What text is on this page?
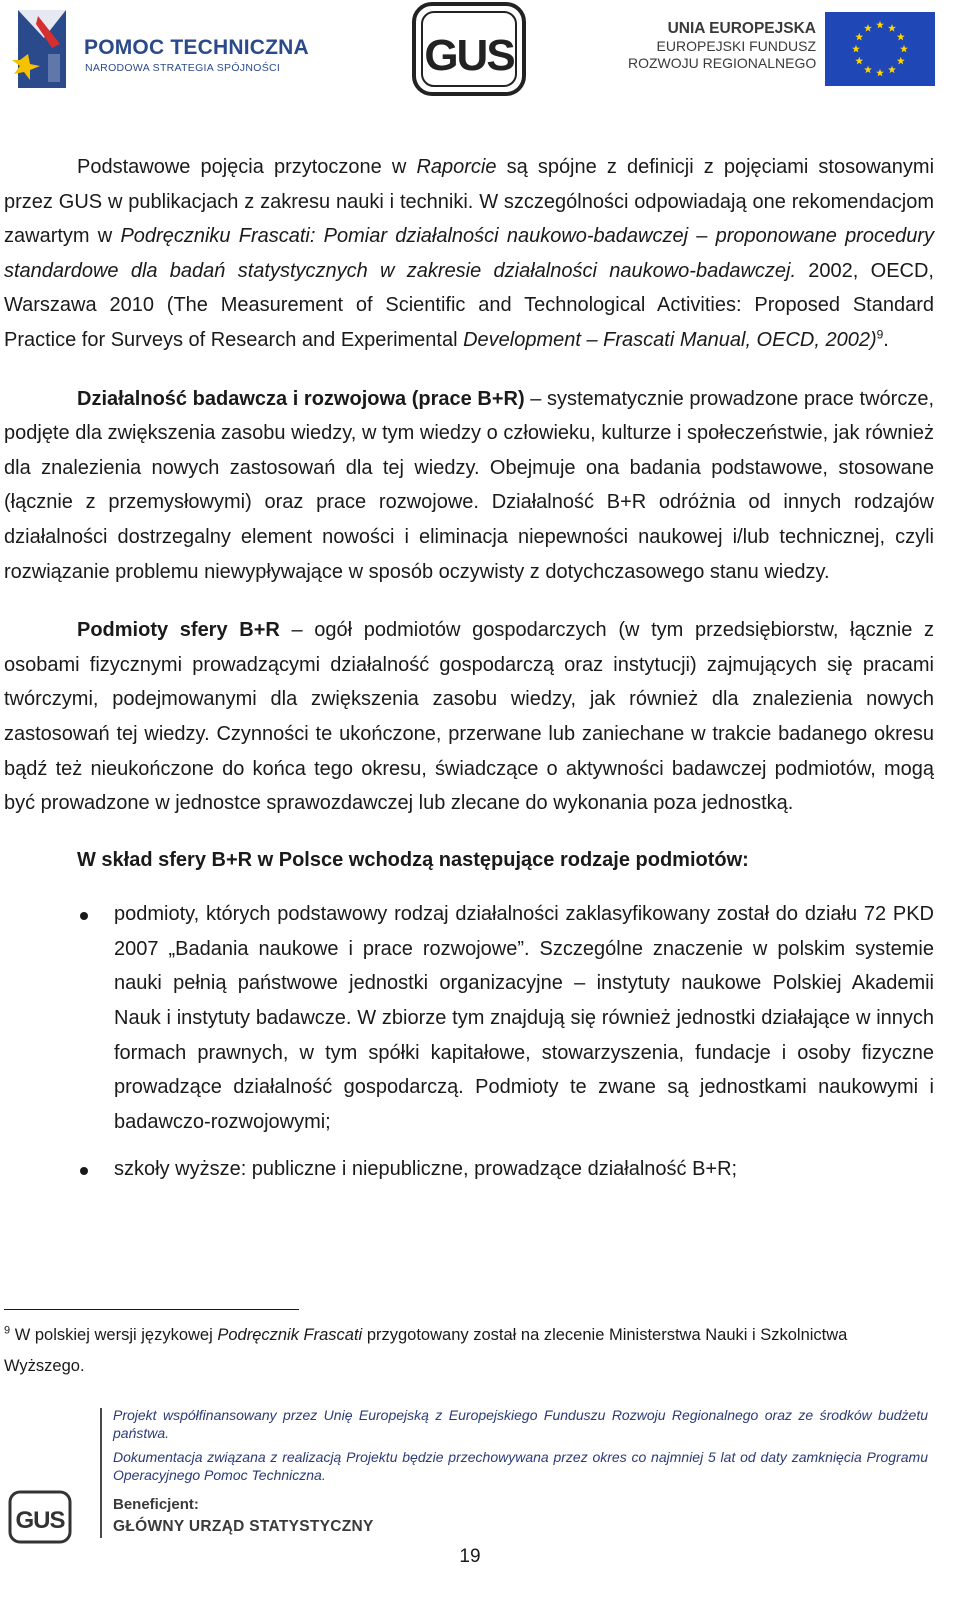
POMOC TECHNICZNA
NARODOWA STRATEGIA SPÓJNOŚCI	GUS
UNIA EUROPEJSKA
EUROPEJSKI FUNDUSZ
ROZWOJU REGIONALNEGO

Podstawowe pojęcia przytoczone w Raporcie są spójne z definicji z pojęciami stosowanymi przez GUS w publikacjach z zakresu nauki i techniki. W szczególności odpowiadają one rekomendacjom zawartym w Podręczniku Frascati: Pomiar działalności naukowo-badawczej – proponowane procedury standardowe dla badań statystycznych w zakresie działalności naukowo-badawczej. 2002, OECD, Warszawa 2010 (The Measurement of Scientific and Technological Activities: Proposed Standard Practice for Surveys of Research and Experimental Development – Frascati Manual, OECD, 2002)$^9$.

Działalność badawcza i rozwojowa (prace B+R) – systematycznie prowadzone prace twórcze, podjęte dla zwiększenia zasobu wiedzy, w tym wiedzy o człowieku, kulturze i społeczeństwie, jak również dla znalezienia nowych zastosowań dla tej wiedzy. Obejmuje ona badania podstawowe, stosowane (łącznie z przemysłowymi) oraz prace rozwojowe. Działalność B+R odróżnia od innych rodzajów działalności dostrzegalny element nowości i eliminacja niepewności naukowej i/lub technicznej, czyli rozwiązanie problemu niewypływające w sposób oczywisty z dotychczasowego stanu wiedzy.

Podmioty sfery B+R – ogół podmiotów gospodarczych (w tym przedsiębiorstw, łącznie z osobami fizycznymi prowadzącymi działalność gospodarczą oraz instytucji) zajmujących się pracami twórczymi, podejmowanymi dla zwiększenia zasobu wiedzy, jak również dla znalezienia nowych zastosowań tej wiedzy. Czynności te ukończone, przerwane lub zaniechane w trakcie badanego okresu bądź też nieukończone do końca tego okresu, świadczące o aktywności badawczej podmiotów, mogą być prowadzone w jednostce sprawozdawczej lub zlecane do wykonania poza jednostką.

W skład sfery B+R w Polsce wchodzą następujące rodzaje podmiotów:

podmioty, których podstawowy rodzaj działalności zaklasyfikowany został do działu 72 PKD 2007 „Badania naukowe i prace rozwojowe”. Szczególne znaczenie w polskim systemie nauki pełnią państwowe jednostki organizacyjne – instytuty naukowe Polskiej Akademii Nauk i instytuty badawcze. W zbiorze tym znajdują się również jednostki działające w innych formach prawnych, w tym spółki kapitałowe, stowarzyszenia, fundacje i osoby fizyczne prowadzące działalność gospodarczą. Podmioty te zwane są jednostkami naukowymi i badawczo-rozwojowymi;
szkoły wyższe: publiczne i niepubliczne, prowadzące działalność B+R;
$^9$ W polskiej wersji językowej Podręcznik Frascati przygotowany został na zlecenie Ministerstwa Nauki i Szkolnictwa Wyższego.

Projekt współfinansowany przez Unię Europejską z Europejskiego Funduszu Rozwoju Regionalnego oraz ze środków budżetu państwa.

Dokumentacja związana z realizacją Projektu będzie przechowywana przez okres co najmniej 5 lat od daty zamknięcia Programu Operacyjnego Pomoc Techniczna.

GUS
Beneficjent:
GŁÓWNY URZĄD STATYSTYCZNY
19
